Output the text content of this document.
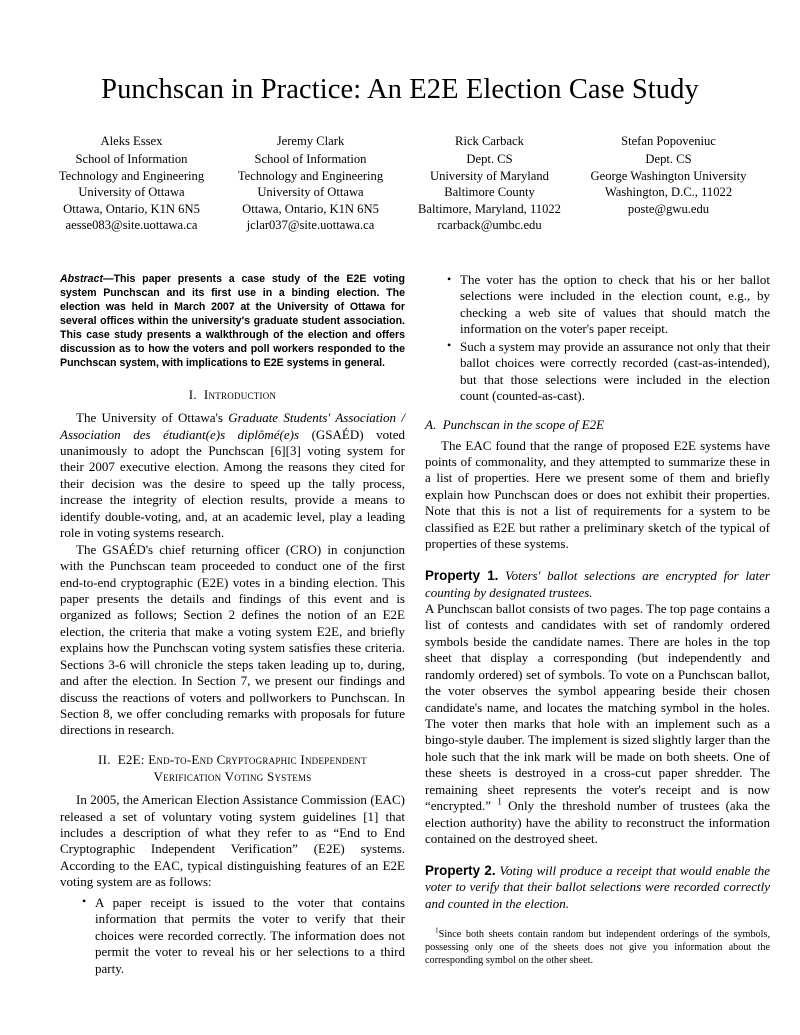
Punchscan in Practice: An E2E Election Case Study
Aleks Essex
School of Information
Technology and Engineering
University of Ottawa
Ottawa, Ontario, K1N 6N5
aesse083@site.uottawa.ca
Jeremy Clark
School of Information
Technology and Engineering
University of Ottawa
Ottawa, Ontario, K1N 6N5
jclar037@site.uottawa.ca
Rick Carback
Dept. CS
University of Maryland
Baltimore County
Baltimore, Maryland, 11022
rcarback@umbc.edu
Stefan Popoveniuc
Dept. CS
George Washington University
Washington, D.C., 11022
poste@gwu.edu

Abstract—This paper presents a case study of the E2E voting system Punchscan and its first use in a binding election. The election was held in March 2007 at the University of Ottawa for several offices within the university's graduate student association. This case study presents a walkthrough of the election and offers discussion as to how the voters and poll workers responded to the Punchscan system, with implications to E2E systems in general.

I. Introduction

The University of Ottawa's Graduate Students' Association / Association des étudiant(e)s diplômé(e)s (GSAÉD) voted unanimously to adopt the Punchscan [6][3] voting system for their 2007 executive election. Among the reasons they cited for their decision was the desire to speed up the tally process, increase the integrity of election results, provide a means to identify double-voting, and, at an academic level, play a leading role in voting systems research.

The GSAÉD's chief returning officer (CRO) in conjunction with the Punchscan team proceeded to conduct one of the first end-to-end cryptographic (E2E) votes in a binding election. This paper presents the details and findings of this event and is organized as follows; Section 2 defines the notion of an E2E election, the criteria that make a voting system E2E, and briefly explains how the Punchscan voting system satisfies these criteria. Sections 3-6 will chronicle the steps taken leading up to, during, and after the election. In Section 7, we present our findings and discuss the reactions of voters and pollworkers to Punchscan. In Section 8, we offer concluding remarks with proposals for future directions in research.

II. E2E: End-to-End Cryptographic Independent
Verification Voting Systems

In 2005, the American Election Assistance Commission (EAC) released a set of voluntary voting system guidelines [1] that includes a description of what they refer to as “End to End Cryptographic Independent Verification” (E2E) systems. According to the EAC, typical distinguishing features of an E2E voting system are as follows:

• A paper receipt is issued to the voter that contains information that permits the voter to verify that their choices were recorded correctly. The information does not permit the voter to reveal his or her selections to a third party.
• The voter has the option to check that his or her ballot selections were included in the election count, e.g., by checking a web site of values that should match the information on the voter's paper receipt.
• Such a system may provide an assurance not only that their ballot choices were correctly recorded (cast-as-intended), but that those selections were included in the election count (counted-as-cast).
A. Punchscan in the scope of E2E

The EAC found that the range of proposed E2E systems have points of commonality, and they attempted to summarize these in a list of properties. Here we present some of them and briefly explain how Punchscan does or does not exhibit their properties. Note that this is not a list of requirements for a system to be classified as E2E but rather a preliminary sketch of the typical of properties of these systems.

Property 1. Voters' ballot selections are encrypted for later counting by designated trustees.

A Punchscan ballot consists of two pages. The top page contains a list of contests and candidates with set of randomly ordered symbols beside the candidate names. There are holes in the top sheet that display a corresponding (but independently and randomly ordered) set of symbols. To vote on a Punchscan ballot, the voter observes the symbol appearing beside their chosen candidate's name, and locates the matching symbol in the holes. The voter then marks that hole with an implement such as a bingo-style dauber. The implement is sized slightly larger than the hole such that the ink mark will be made on both sheets. One of these sheets is destroyed in a cross-cut paper shredder. The remaining sheet represents the voter's receipt and is now “encrypted.” $^1$ Only the threshold number of trustees (aka the election authority) have the ability to reconstruct the information contained on the destroyed sheet.

Property 2. Voting will produce a receipt that would enable the voter to verify that their ballot selections were recorded correctly and counted in the election.

$^1$Since both sheets contain random but independent orderings of the symbols, possessing only one of the sheets does not give you information about the corresponding symbol on the other sheet.
